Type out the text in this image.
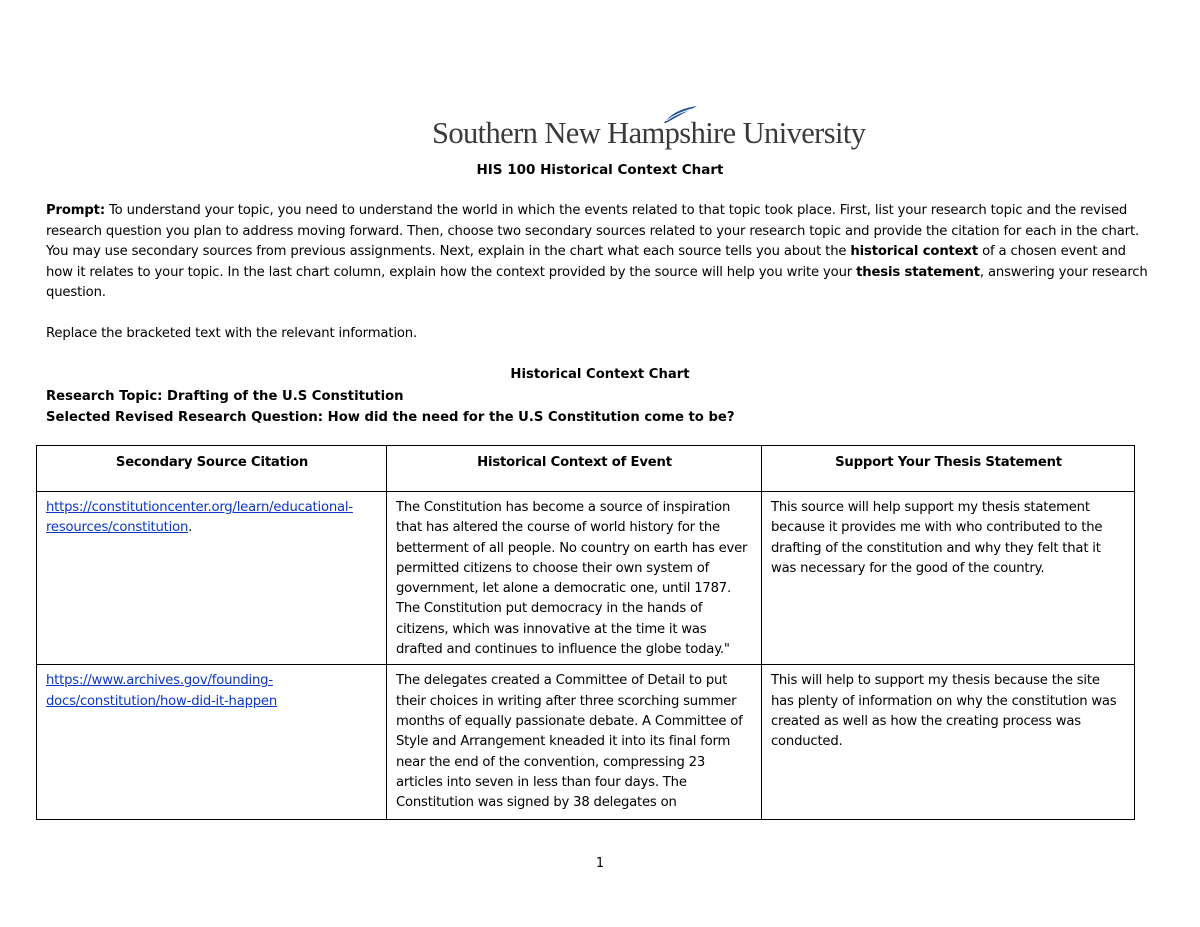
Southern New Hampshire University
HIS 100 Historical Context Chart
Prompt: To understand your topic, you need to understand the world in which the events related to that topic took place. First, list your research topic and the revised research question you plan to address moving forward. Then, choose two secondary sources related to your research topic and provide the citation for each in the chart. You may use secondary sources from previous assignments. Next, explain in the chart what each source tells you about the historical context of a chosen event and how it relates to your topic. In the last chart column, explain how the context provided by the source will help you write your thesis statement, answering your research question.
Replace the bracketed text with the relevant information.
Historical Context Chart
Research Topic: Drafting of the U.S Constitution
Selected Revised Research Question: How did the need for the U.S Constitution come to be?
Secondary Source Citation	Historical Context of Event	Support Your Thesis Statement
https://constitutioncenter.org/learn/educational-resources/constitution.	The Constitution has become a source of inspiration that has altered the course of world history for the betterment of all people. No country on earth has ever permitted citizens to choose their own system of government, let alone a democratic one, until 1787. The Constitution put democracy in the hands of citizens, which was innovative at the time it was drafted and continues to influence the globe today."	This source will help support my thesis statement because it provides me with who contributed to the drafting of the constitution and why they felt that it was necessary for the good of the country.
https://www.archives.gov/founding-docs/constitution/how-did-it-happen	The delegates created a Committee of Detail to put their choices in writing after three scorching summer months of equally passionate debate. A Committee of Style and Arrangement kneaded it into its final form near the end of the convention, compressing 23 articles into seven in less than four days. The Constitution was signed by 38 delegates on	This will help to support my thesis because the site has plenty of information on why the constitution was created as well as how the creating process was conducted.
1
